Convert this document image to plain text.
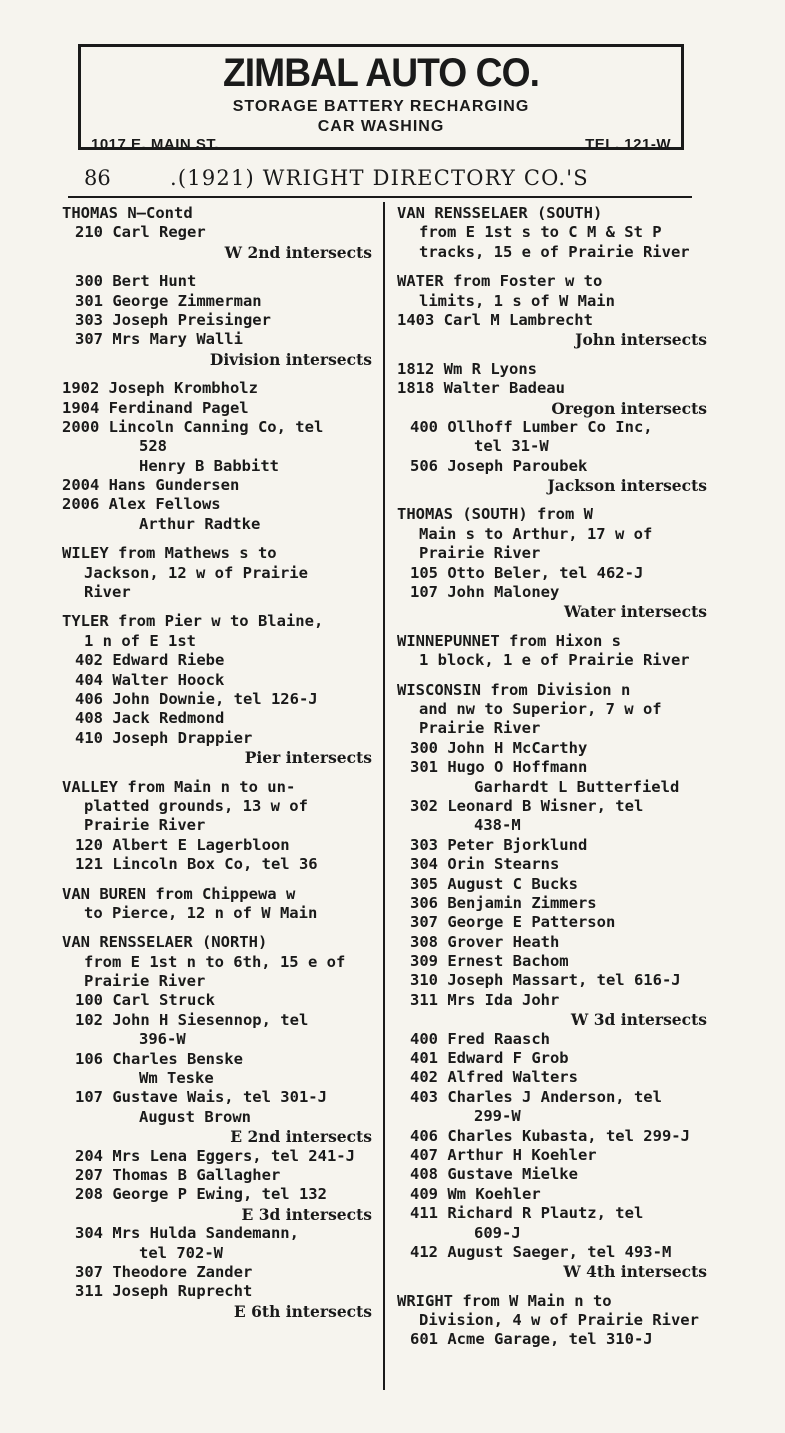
ZIMBAL AUTO CO.
STORAGE BATTERY RECHARGING
CAR WASHING
1017 E. MAIN ST.	TEL. 121-W
86	.(1921) WRIGHT DIRECTORY CO.'S
THOMAS N—Contd
210 Carl Reger
W 2nd intersects
300 Bert Hunt
301 George Zimmerman
303 Joseph Preisinger
307 Mrs Mary Walli
Division intersects
1902 Joseph Krombholz
1904 Ferdinand Pagel
2000 Lincoln Canning Co, tel
528
Henry B Babbitt
2004 Hans Gundersen
2006 Alex Fellows
Arthur Radtke
WILEY from Mathews s to
Jackson, 12 w of Prairie
River
TYLER from Pier w to Blaine,
1 n of E 1st
402 Edward Riebe
404 Walter Hoock
406 John Downie, tel 126-J
408 Jack Redmond
410 Joseph Drappier
Pier intersects
VALLEY from Main n to un-
platted grounds, 13 w of
Prairie River
120 Albert E Lagerbloon
121 Lincoln Box Co, tel 36
VAN BUREN from Chippewa w
to Pierce, 12 n of W Main
VAN RENSSELAER (NORTH)
from E 1st n to 6th, 15 e of
Prairie River
100 Carl Struck
102 John H Siesennop, tel
396-W
106 Charles Benske
Wm Teske
107 Gustave Wais, tel 301-J
August Brown
E 2nd intersects
204 Mrs Lena Eggers, tel 241-J
207 Thomas B Gallagher
208 George P Ewing, tel 132
E 3d intersects
304 Mrs Hulda Sandemann,
tel 702-W
307 Theodore Zander
311 Joseph Ruprecht
E 6th intersects
VAN RENSSELAER (SOUTH)
from E 1st s to C M & St P
tracks, 15 e of Prairie River
WATER from Foster w to
limits, 1 s of W Main
1403 Carl M Lambrecht
John intersects
1812 Wm R Lyons
1818 Walter Badeau
Oregon intersects
400 Ollhoff Lumber Co Inc,
tel 31-W
506 Joseph Paroubek
Jackson intersects
THOMAS (SOUTH) from W
Main s to Arthur, 17 w of
Prairie River
105 Otto Beler, tel 462-J
107 John Maloney
Water intersects
WINNEPUNNET from Hixon s
1 block, 1 e of Prairie River
WISCONSIN from Division n
and nw to Superior, 7 w of
Prairie River
300 John H McCarthy
301 Hugo O Hoffmann
Garhardt L Butterfield
302 Leonard B Wisner, tel
438-M
303 Peter Bjorklund
304 Orin Stearns
305 August C Bucks
306 Benjamin Zimmers
307 George E Patterson
308 Grover Heath
309 Ernest Bachom
310 Joseph Massart, tel 616-J
311 Mrs Ida Johr
W 3d intersects
400 Fred Raasch
401 Edward F Grob
402 Alfred Walters
403 Charles J Anderson, tel
299-W
406 Charles Kubasta, tel 299-J
407 Arthur H Koehler
408 Gustave Mielke
409 Wm Koehler
411 Richard R Plautz, tel
609-J
412 August Saeger, tel 493-M
W 4th intersects
WRIGHT from W Main n to
Division, 4 w of Prairie River
601 Acme Garage, tel 310-J
